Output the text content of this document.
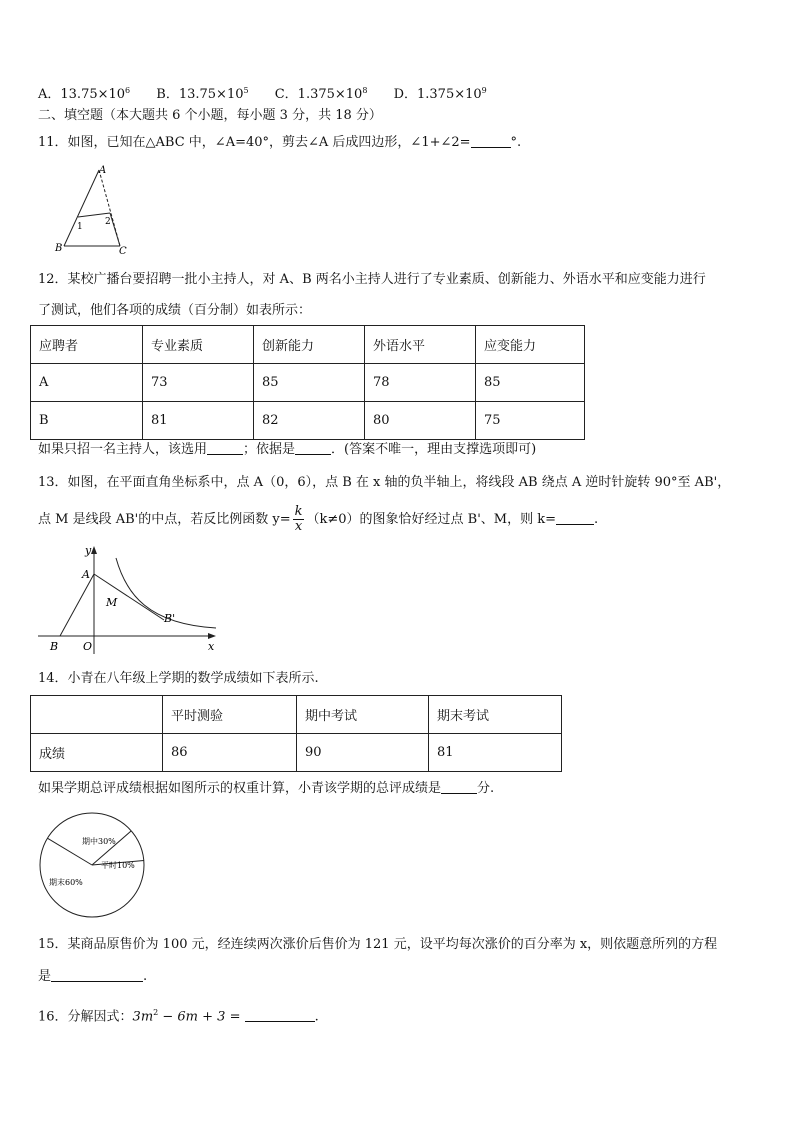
A．$13.75\times 10^6$ B．$13.75\times 10^5$ C．$1.375\times 10^8$ D．$1.375\times 10^9$
二、填空题（本大题共 6 个小题，每小题 3 分，共 18 分）
11．如图，已知在△ABC 中，∠A=40°，剪去∠A 后成四边形，∠1+∠2=	°.
A
B	C
1 2
12．某校广播台要招聘一批小主持人，对 A、B 两名小主持人进行了专业素质、创新能力、外语水平和应变能力进行
了测试，他们各项的成绩（百分制）如表所示：
应聘者	专业素质	创新能力	外语水平	应变能力
A	73	85	78	85
B	81	82	80	75
如果只招一名主持人，该选用	；依据是	．(答案不唯一，理由支撑选项即可)
13．如图，在平面直角坐标系中，点 A（0，6），点 B 在 x 轴的负半轴上，将线段 AB 绕点 A 逆时针旋转 90°至 AB'，
点 M 是线段 AB'的中点，若反比例函数 $y= \frac{k}{x} (k\ne 0)$的图象恰好经过点 B'、M，则 k=	.
A
B O
M
B'
y
x
14．小青在八年级上学期的数学成绩如下表所示.
	平时测验	期中考试	期末考试
成绩	86	90	81
如果学期总评成绩根据如图所示的权重计算，小青该学期的总评成绩是	分.
期中30%
平时10%
期末60%
15．某商品原售价为 100 元，经连续两次涨价后售价为 121 元，设平均每次涨价的百分率为 x，则依题意所列的方程
是	.
16．分解因式：$3m^2 - 6m + 3$ =	.
